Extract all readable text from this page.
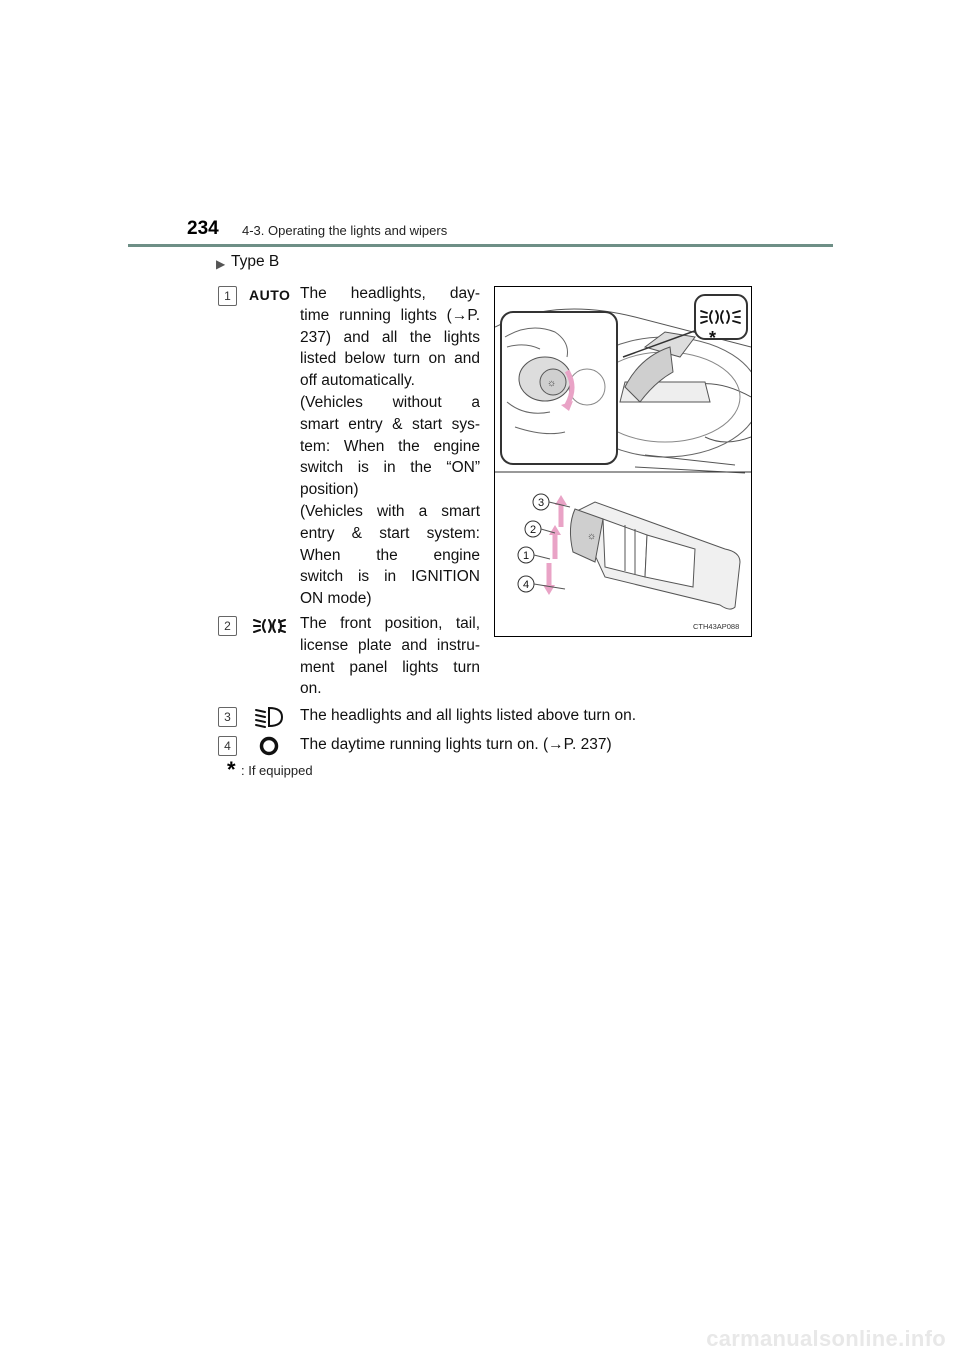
234 4-3. Operating the lights and wipers
▶ Type B
1	AUTO The headlights, day-
time running lights (→P.
237) and all the lights
listed below turn on and
off automatically.
(Vehicles without a
smart entry & start sys-
tem: When the engine
switch is in the “ON”
position)
(Vehicles with a smart
entry & start system:
When the engine
switch is in IGNITION
ON mode)
2	The front position, tail,
license plate and instru-
ment panel lights turn
on.
3	The headlights and all lights listed above turn on.
4	The daytime running lights turn on. (→P. 237)
☼
*
☼
3
2
1
4
CTH43AP088
* : If equipped
carmanualsonline.info
